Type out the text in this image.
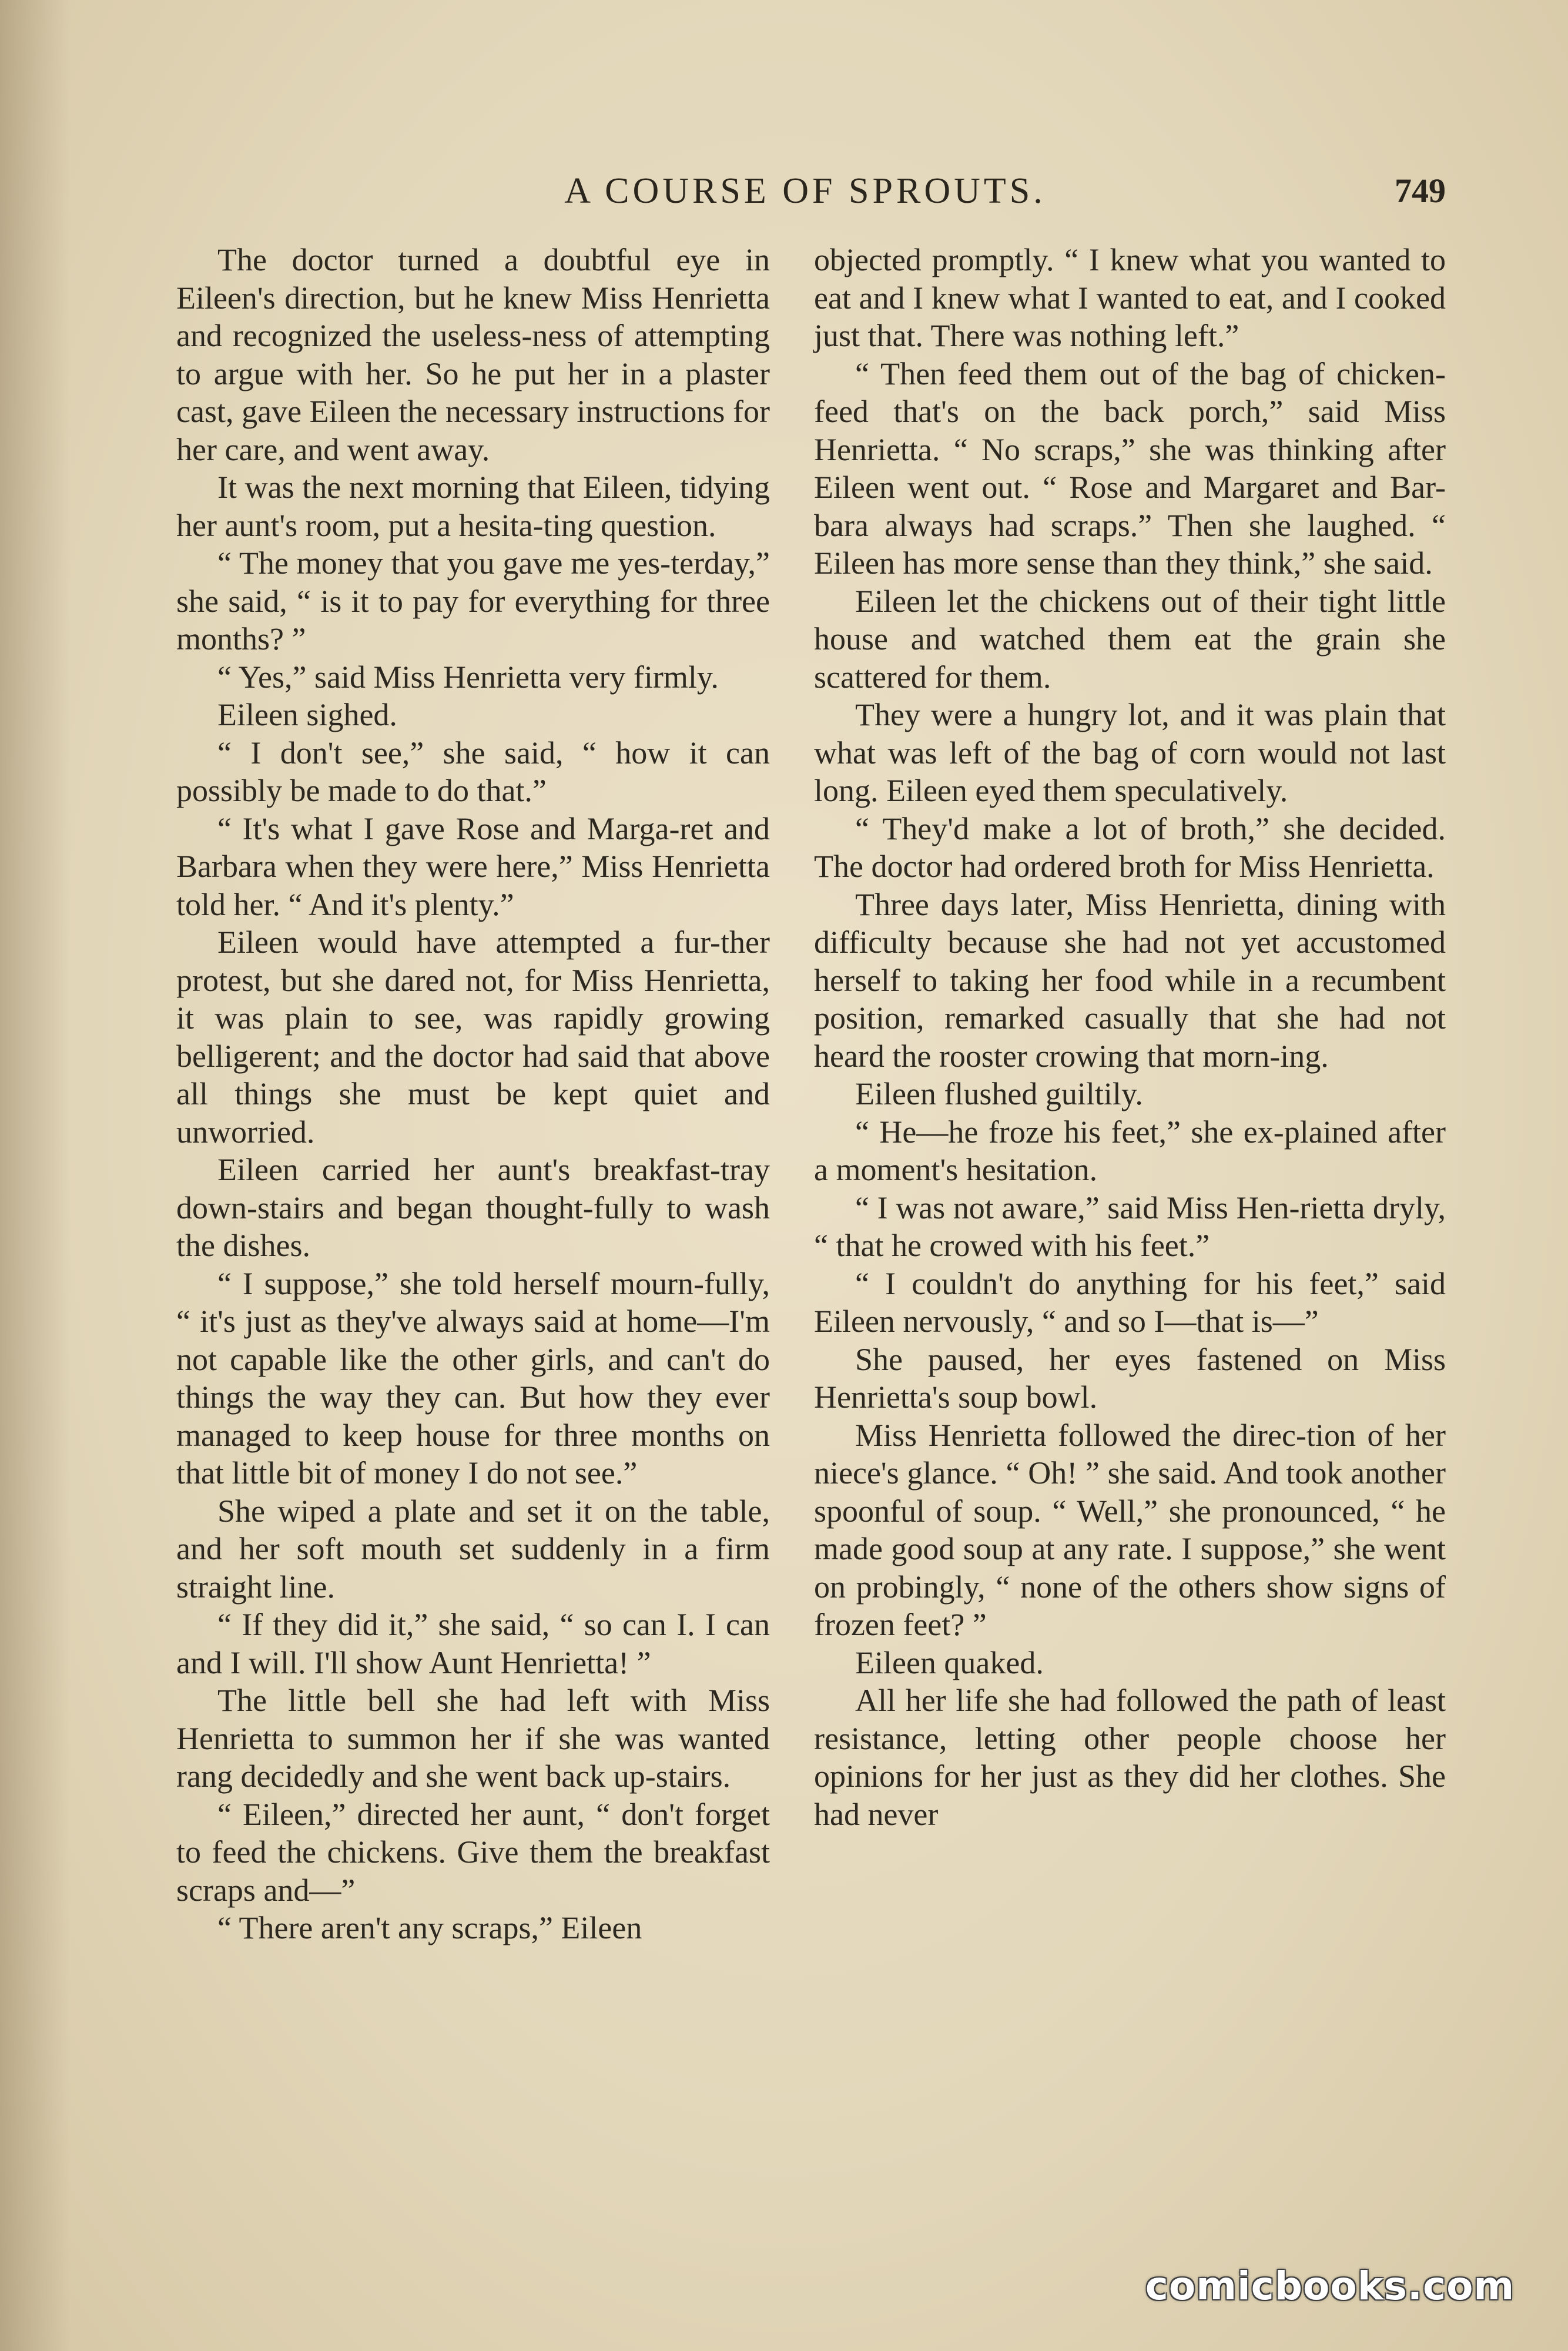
A COURSE OF SPROUTS.	749

The doctor turned a doubtful eye in Eileen's direction, but he knew Miss Henrietta and recognized the useless-ness of attempting to argue with her. So he put her in a plaster cast, gave Eileen the necessary instructions for her care, and went away.

It was the next morning that Eileen, tidying her aunt's room, put a hesita-ting question.

“ The money that you gave me yes-terday,” she said, “ is it to pay for everything for three months? ”

“ Yes,” said Miss Henrietta very firmly.

Eileen sighed.

“ I don't see,” she said, “ how it can possibly be made to do that.”

“ It's what I gave Rose and Marga-ret and Barbara when they were here,” Miss Henrietta told her. “ And it's plenty.”

Eileen would have attempted a fur-ther protest, but she dared not, for Miss Henrietta, it was plain to see, was rapidly growing belligerent; and the doctor had said that above all things she must be kept quiet and unworried.

Eileen carried her aunt's breakfast-tray down-stairs and began thought-fully to wash the dishes.

“ I suppose,” she told herself mourn-fully, “ it's just as they've always said at home—I'm not capable like the other girls, and can't do things the way they can. But how they ever managed to keep house for three months on that little bit of money I do not see.”

She wiped a plate and set it on the table, and her soft mouth set suddenly in a firm straight line.

“ If they did it,” she said, “ so can I. I can and I will. I'll show Aunt Henrietta! ”

The little bell she had left with Miss Henrietta to summon her if she was wanted rang decidedly and she went back up-stairs.

“ Eileen,” directed her aunt, “ don't forget to feed the chickens. Give them the breakfast scraps and—”

“ There aren't any scraps,” Eileen

objected promptly. “ I knew what you wanted to eat and I knew what I wanted to eat, and I cooked just that. There was nothing left.”

“ Then feed them out of the bag of chicken-feed that's on the back porch,” said Miss Henrietta. “ No scraps,” she was thinking after Eileen went out. “ Rose and Margaret and Bar-bara always had scraps.” Then she laughed. “ Eileen has more sense than they think,” she said.

Eileen let the chickens out of their tight little house and watched them eat the grain she scattered for them.

They were a hungry lot, and it was plain that what was left of the bag of corn would not last long. Eileen eyed them speculatively.

“ They'd make a lot of broth,” she decided. The doctor had ordered broth for Miss Henrietta.

Three days later, Miss Henrietta, dining with difficulty because she had not yet accustomed herself to taking her food while in a recumbent position, remarked casually that she had not heard the rooster crowing that morn-ing.

Eileen flushed guiltily.

“ He—he froze his feet,” she ex-plained after a moment's hesitation.

“ I was not aware,” said Miss Hen-rietta dryly, “ that he crowed with his feet.”

“ I couldn't do anything for his feet,” said Eileen nervously, “ and so I—that is—”

She paused, her eyes fastened on Miss Henrietta's soup bowl.

Miss Henrietta followed the direc-tion of her niece's glance. “ Oh! ” she said. And took another spoonful of soup. “ Well,” she pronounced, “ he made good soup at any rate. I suppose,” she went on probingly, “ none of the others show signs of frozen feet? ”

Eileen quaked.

All her life she had followed the path of least resistance, letting other people choose her opinions for her just as they did her clothes. She had never

comicbooks.com
